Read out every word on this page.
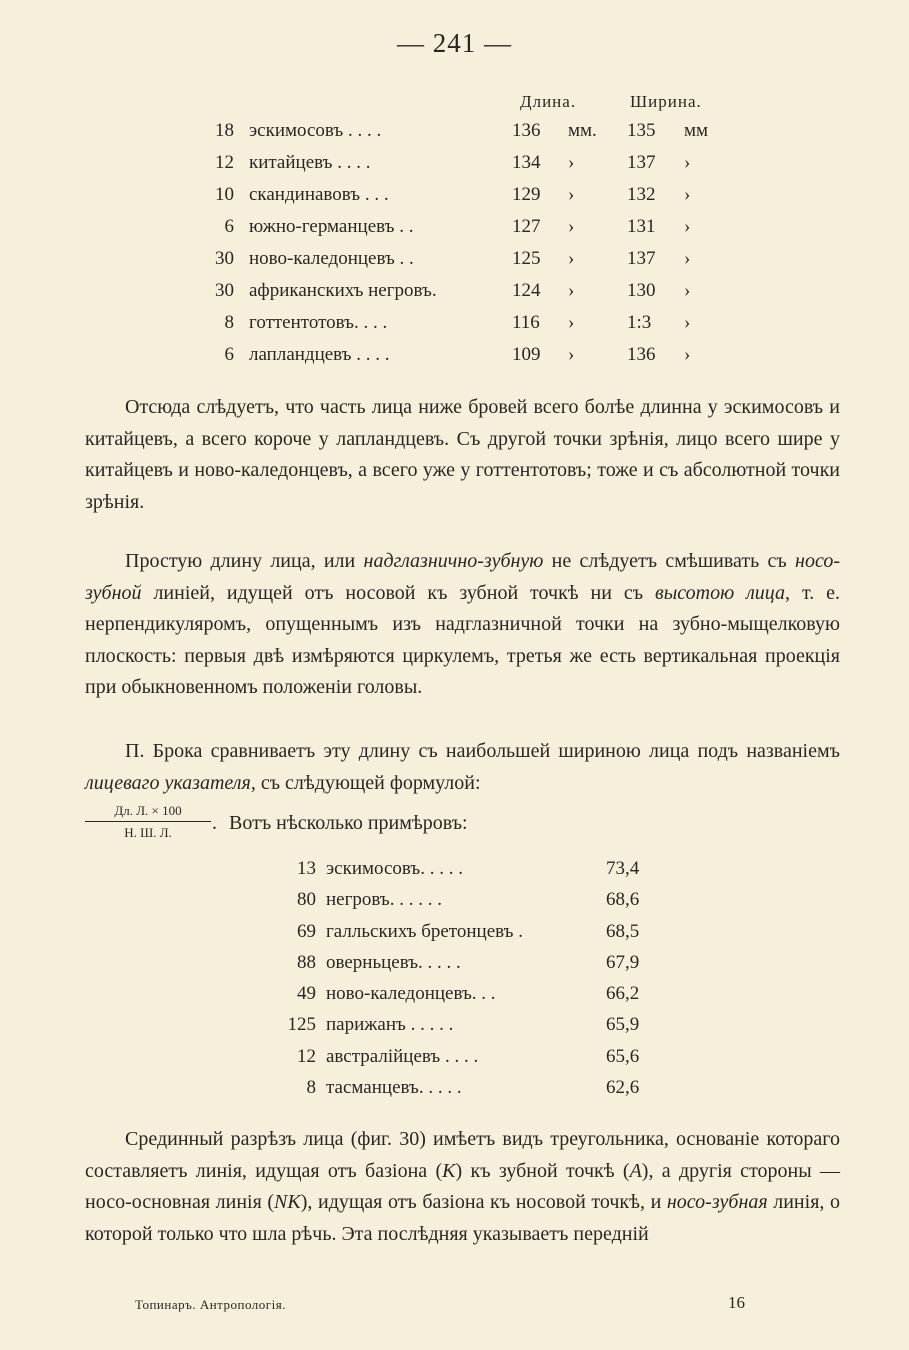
— 241 —
Длина.	Ширина.
18 эскимосовъ . . . .	136 мм. 135 мм
12 китайцевъ . . . .	134 ›	137 ›
10 скандинавовъ . . .	129 ›	132 ›
6 южно-германцевъ . .	127 ›	131 ›
30 ново-каледонцевъ . .	125 ›	137 ›
30 африканскихъ негровъ.	124 ›	130 ›
8 готтентотовъ. . . .	116 ›	1:3 ›
6 лапландцевъ . . . .	109 ›	136 ›

Отсюда слѣдуетъ, что часть лица ниже бровей всего болѣе длинна у эскимосовъ и китайцевъ, а всего короче у лапландцевъ. Съ другой точки зрѣнія, лицо всего шире у китайцевъ и ново-каледонцевъ, а всего уже у готтентотовъ; тоже и съ абсолютной точки зрѣнія.

Простую длину лица, или надглазнично-зубную не слѣдуетъ смѣшивать съ носо-зубной линіей, идущей отъ носовой къ зубной точкѣ ни съ высотою лица, т. е. нерпендикуляромъ, опущеннымъ изъ надглазничной точки на зубно-мыщелковую плоскость: первыя двѣ измѣряются циркулемъ, третья же есть вертикальная проекція при обыкновенномъ положеніи головы.

П. Брока сравниваетъ эту длину съ наибольшей шириною лица подъ названіемъ лицеваго указателя, съ слѣдующей формулой:

Дл. Л. × 100
Н. Ш. Л.	. Вотъ нѣсколько примѣровъ:
13 эскимосовъ. . . . .	73,4
80 негровъ. . . . . .	68,6
69 галльскихъ бретонцевъ .	68,5
88 оверньцевъ. . . . .	67,9
49 ново-каледонцевъ. . .	66,2
125 парижанъ . . . . .	65,9
12 австралійцевъ . . . .	65,6
8 тасманцевъ. . . . .	62,6

Срединный разрѣзъ лица (фиг. 30) имѣетъ видъ треугольника, основаніе котораго составляетъ линія, идущая отъ базіона (K) къ зубной точкѣ (A), а другія стороны — носо-основная линія (NK), идущая отъ базіона къ носовой точкѣ, и носо-зубная линія, о которой только что шла рѣчь. Эта послѣдняя указываетъ передній

Топинаръ. Антропологія.	16
